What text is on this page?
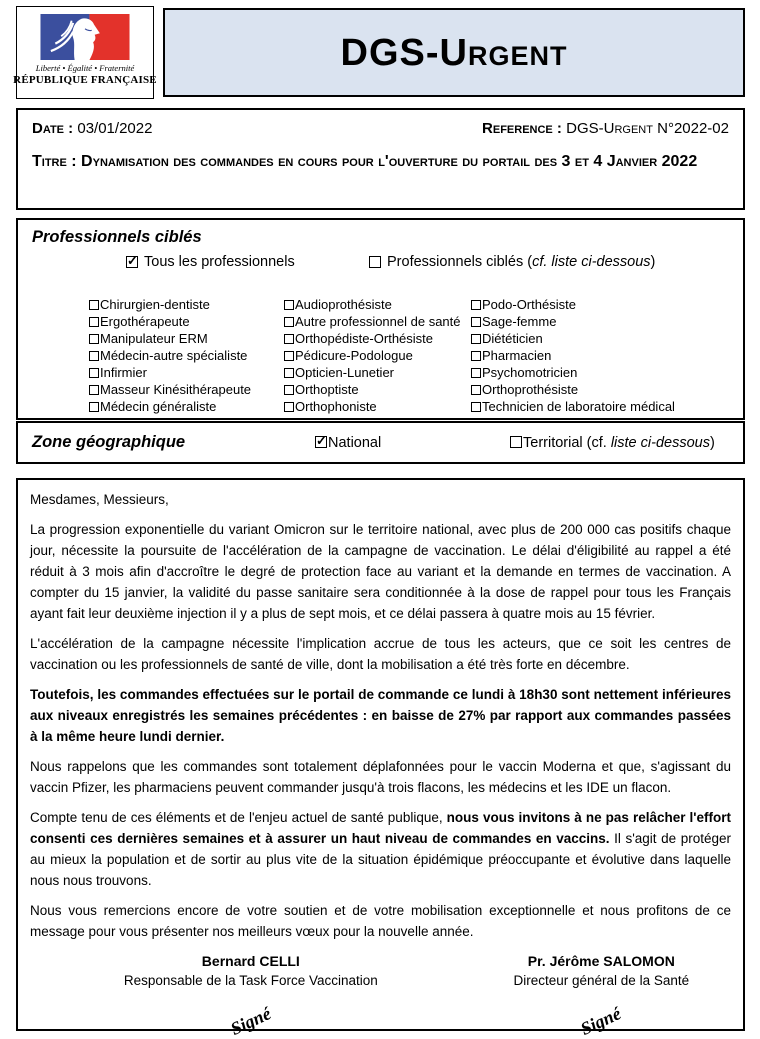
Liberté • Égalité • Fraternité
RÉPUBLIQUE FRANÇAISE
DGS-Urgent
Date : 03/01/2022	Reference : DGS-Urgent N°2022-02
Titre : Dynamisation des commandes en cours pour l'ouverture du portail des 3 et 4 Janvier 2022
Professionnels ciblés
✓
Tous les professionnels	Professionnels ciblés (cf. liste ci-dessous)
Chirurgien-dentiste
Ergothérapeute
Manipulateur ERM
Médecin-autre spécialiste
Infirmier
Masseur Kinésithérapeute
Médecin généraliste
Audioprothésiste
Autre professionnel de santé
Orthopédiste-Orthésiste
Pédicure-Podologue
Opticien-Lunetier
Orthoptiste
Orthophoniste
Podo-Orthésiste
Sage-femme
Diététicien
Pharmacien
Psychomotricien
Orthoprothésiste
Technicien de laboratoire médical
Zone géographique ✓	National	Territorial (cf. liste ci-dessous)

Mesdames, Messieurs,

La progression exponentielle du variant Omicron sur le territoire national, avec plus de 200 000 cas positifs chaque jour, nécessite la poursuite de l'accélération de la campagne de vaccination. Le délai d'éligibilité au rappel a été réduit à 3 mois afin d'accroître le degré de protection face au variant et la demande en termes de vaccination. A compter du 15 janvier, la validité du passe sanitaire sera conditionnée à la dose de rappel pour tous les Français ayant fait leur deuxième injection il y a plus de sept mois, et ce délai passera à quatre mois au 15 février.

L'accélération de la campagne nécessite l'implication accrue de tous les acteurs, que ce soit les centres de vaccination ou les professionnels de santé de ville, dont la mobilisation a été très forte en décembre.

Toutefois, les commandes effectuées sur le portail de commande ce lundi à 18h30 sont nettement inférieures aux niveaux enregistrés les semaines précédentes : en baisse de 27% par rapport aux commandes passées à la même heure lundi dernier.

Nous rappelons que les commandes sont totalement déplafonnées pour le vaccin Moderna et que, s'agissant du vaccin Pfizer, les pharmaciens peuvent commander jusqu'à trois flacons, les médecins et les IDE un flacon.

Compte tenu de ces éléments et de l'enjeu actuel de santé publique, nous vous invitons à ne pas relâcher l'effort consenti ces dernières semaines et à assurer un haut niveau de commandes en vaccins. Il s'agit de protéger au mieux la population et de sortir au plus vite de la situation épidémique préoccupante et évolutive dans laquelle nous nous trouvons.

Nous vous remercions encore de votre soutien et de votre mobilisation exceptionnelle et nous profitons de ce message pour vous présenter nos meilleurs vœux pour la nouvelle année.

Bernard CELLI
Responsable de la Task Force Vaccination
Signé
Pr. Jérôme SALOMON
Directeur général de la Santé
Signé
